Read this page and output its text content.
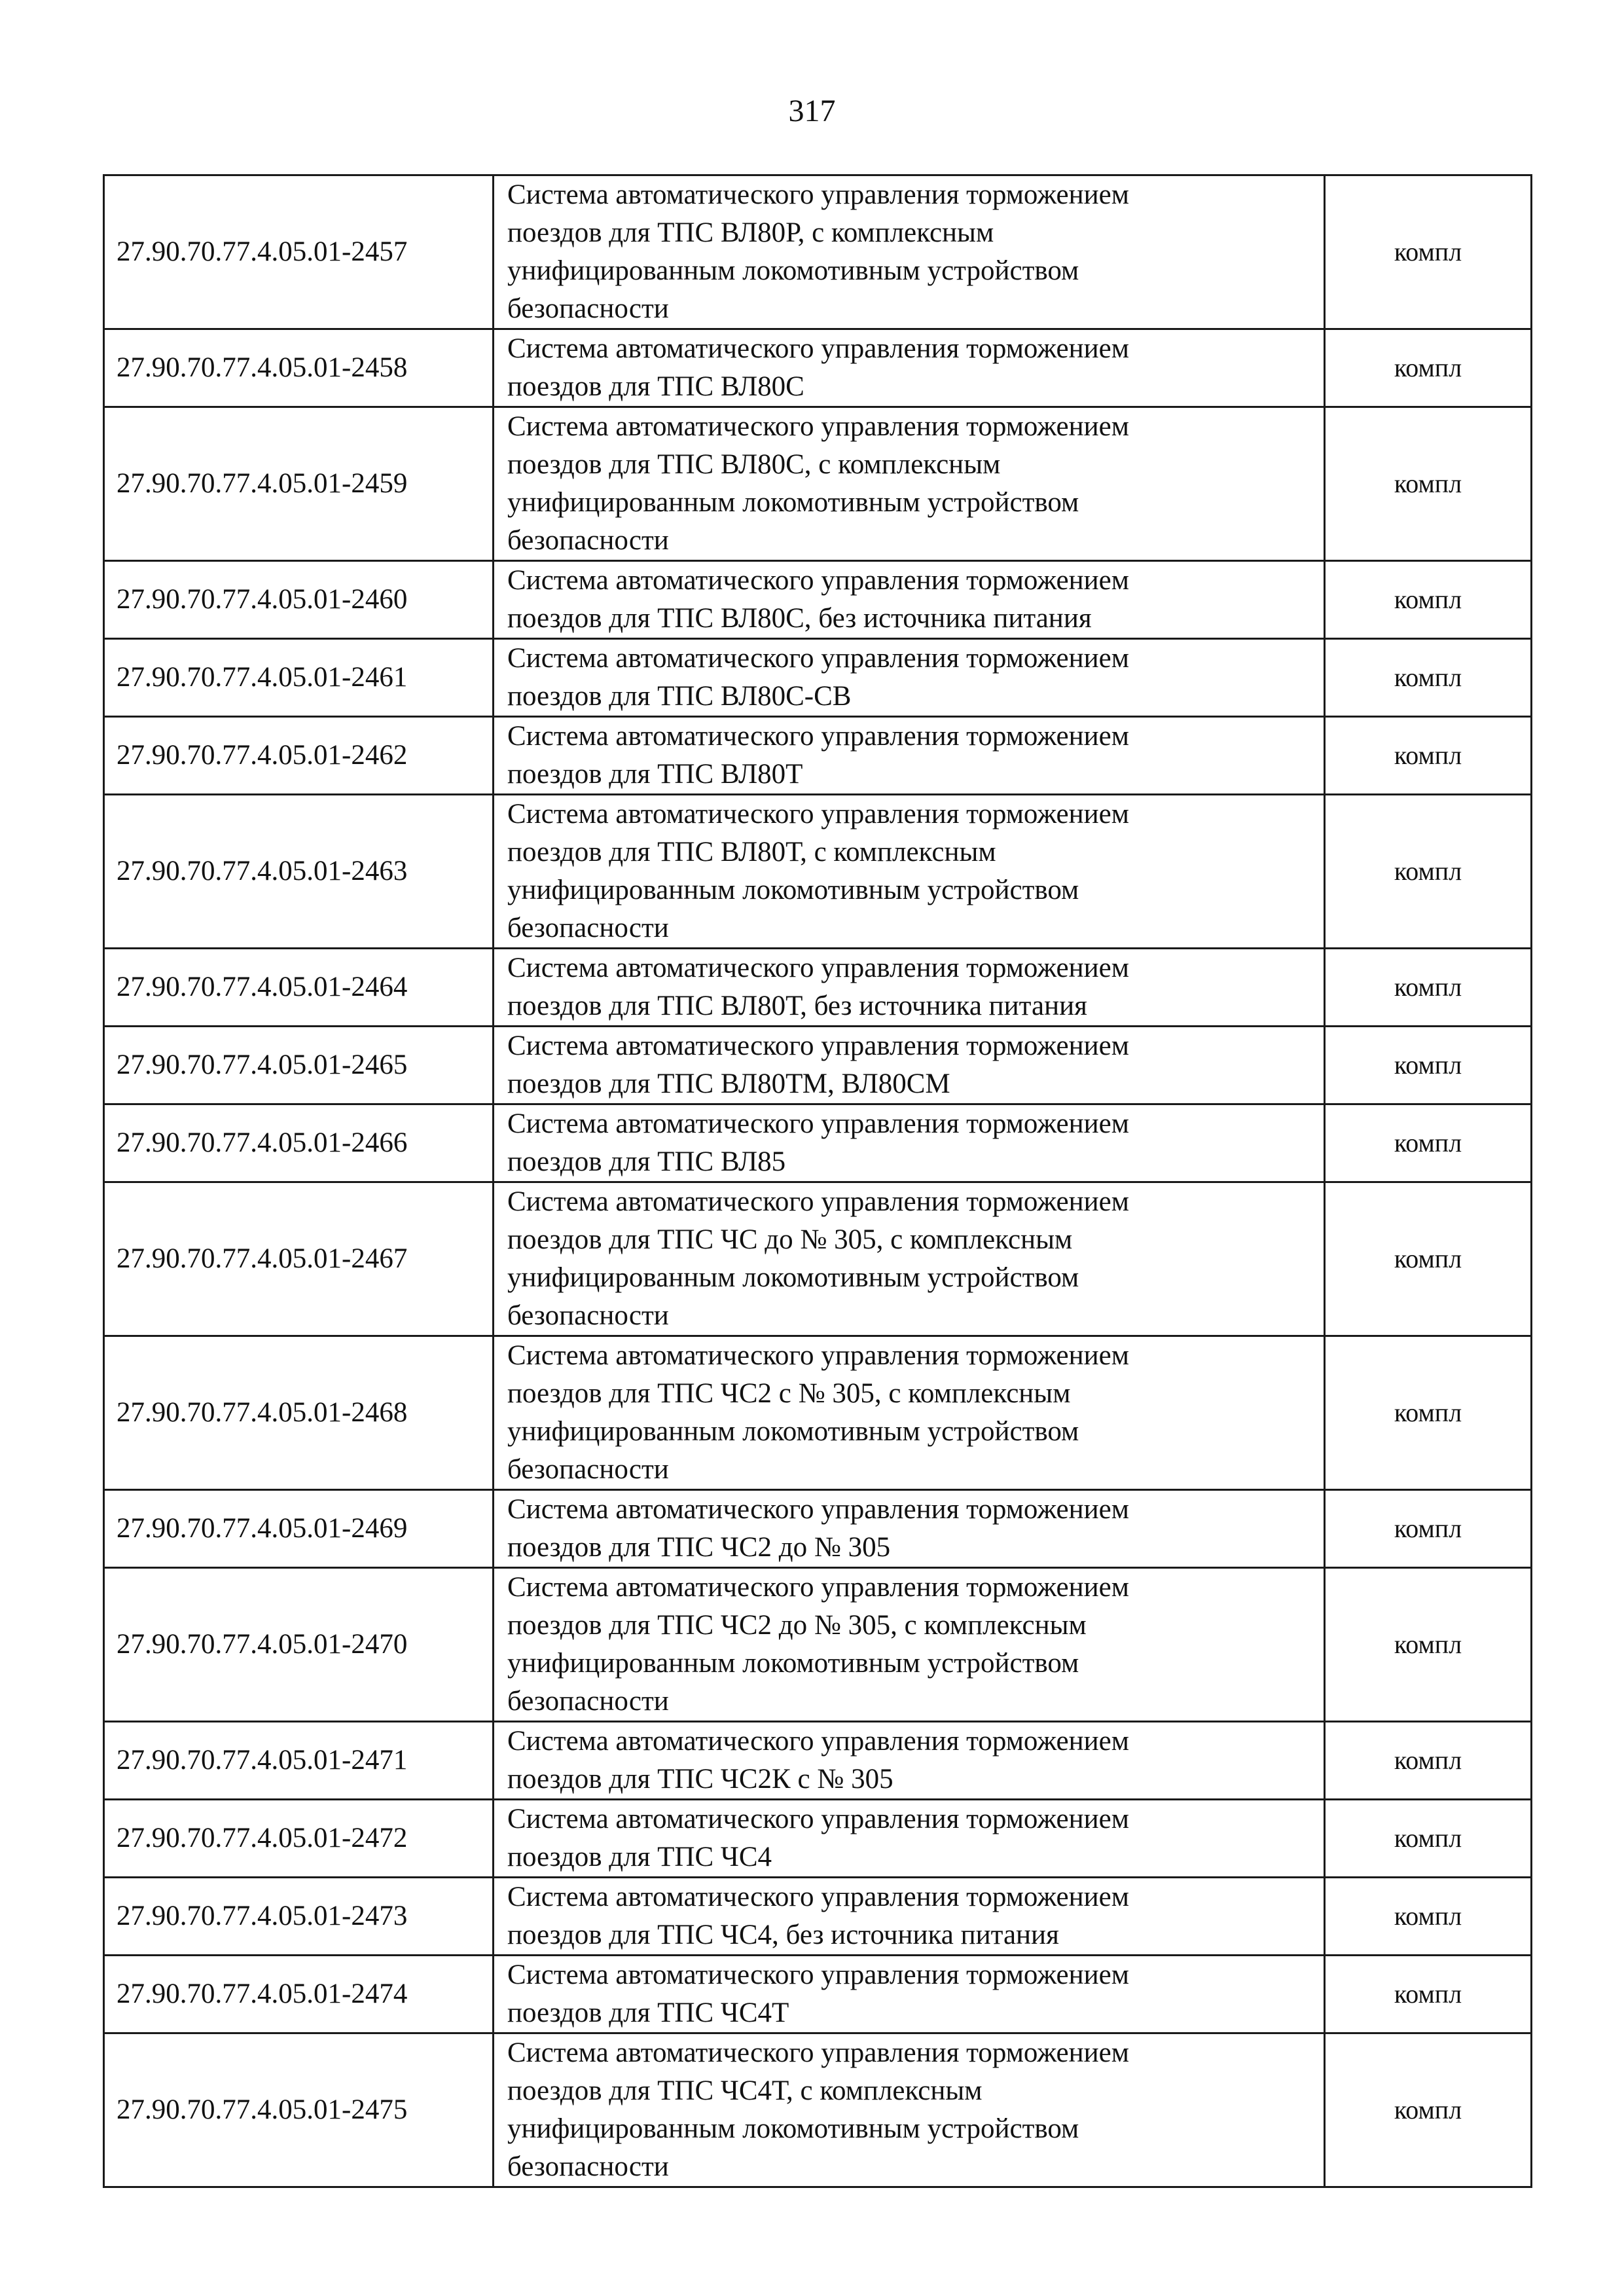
317
27.90.70.77.4.05.01-2457	Система автоматического управления торможением
поездов для ТПС ВЛ80Р, с комплексным
унифицированным локомотивным устройством
безопасности	компл
27.90.70.77.4.05.01-2458	Система автоматического управления торможением
поездов для ТПС ВЛ80С	компл
27.90.70.77.4.05.01-2459	Система автоматического управления торможением
поездов для ТПС ВЛ80С, с комплексным
унифицированным локомотивным устройством
безопасности	компл
27.90.70.77.4.05.01-2460	Система автоматического управления торможением
поездов для ТПС ВЛ80С, без источника питания	компл
27.90.70.77.4.05.01-2461	Система автоматического управления торможением
поездов для ТПС ВЛ80С-СВ	компл
27.90.70.77.4.05.01-2462	Система автоматического управления торможением
поездов для ТПС ВЛ80Т	компл
27.90.70.77.4.05.01-2463	Система автоматического управления торможением
поездов для ТПС ВЛ80Т, с комплексным
унифицированным локомотивным устройством
безопасности	компл
27.90.70.77.4.05.01-2464	Система автоматического управления торможением
поездов для ТПС ВЛ80Т, без источника питания	компл
27.90.70.77.4.05.01-2465	Система автоматического управления торможением
поездов для ТПС ВЛ80ТМ, ВЛ80СМ	компл
27.90.70.77.4.05.01-2466	Система автоматического управления торможением
поездов для ТПС ВЛ85	компл
27.90.70.77.4.05.01-2467	Система автоматического управления торможением
поездов для ТПС ЧС до № 305, с комплексным
унифицированным локомотивным устройством
безопасности	компл
27.90.70.77.4.05.01-2468	Система автоматического управления торможением
поездов для ТПС ЧС2 с № 305, с комплексным
унифицированным локомотивным устройством
безопасности	компл
27.90.70.77.4.05.01-2469	Система автоматического управления торможением
поездов для ТПС ЧС2 до № 305	компл
27.90.70.77.4.05.01-2470	Система автоматического управления торможением
поездов для ТПС ЧС2 до № 305, с комплексным
унифицированным локомотивным устройством
безопасности	компл
27.90.70.77.4.05.01-2471	Система автоматического управления торможением
поездов для ТПС ЧС2К с № 305	компл
27.90.70.77.4.05.01-2472	Система автоматического управления торможением
поездов для ТПС ЧС4	компл
27.90.70.77.4.05.01-2473	Система автоматического управления торможением
поездов для ТПС ЧС4, без источника питания	компл
27.90.70.77.4.05.01-2474	Система автоматического управления торможением
поездов для ТПС ЧС4Т	компл
27.90.70.77.4.05.01-2475	Система автоматического управления торможением
поездов для ТПС ЧС4Т, с комплексным
унифицированным локомотивным устройством
безопасности	компл
